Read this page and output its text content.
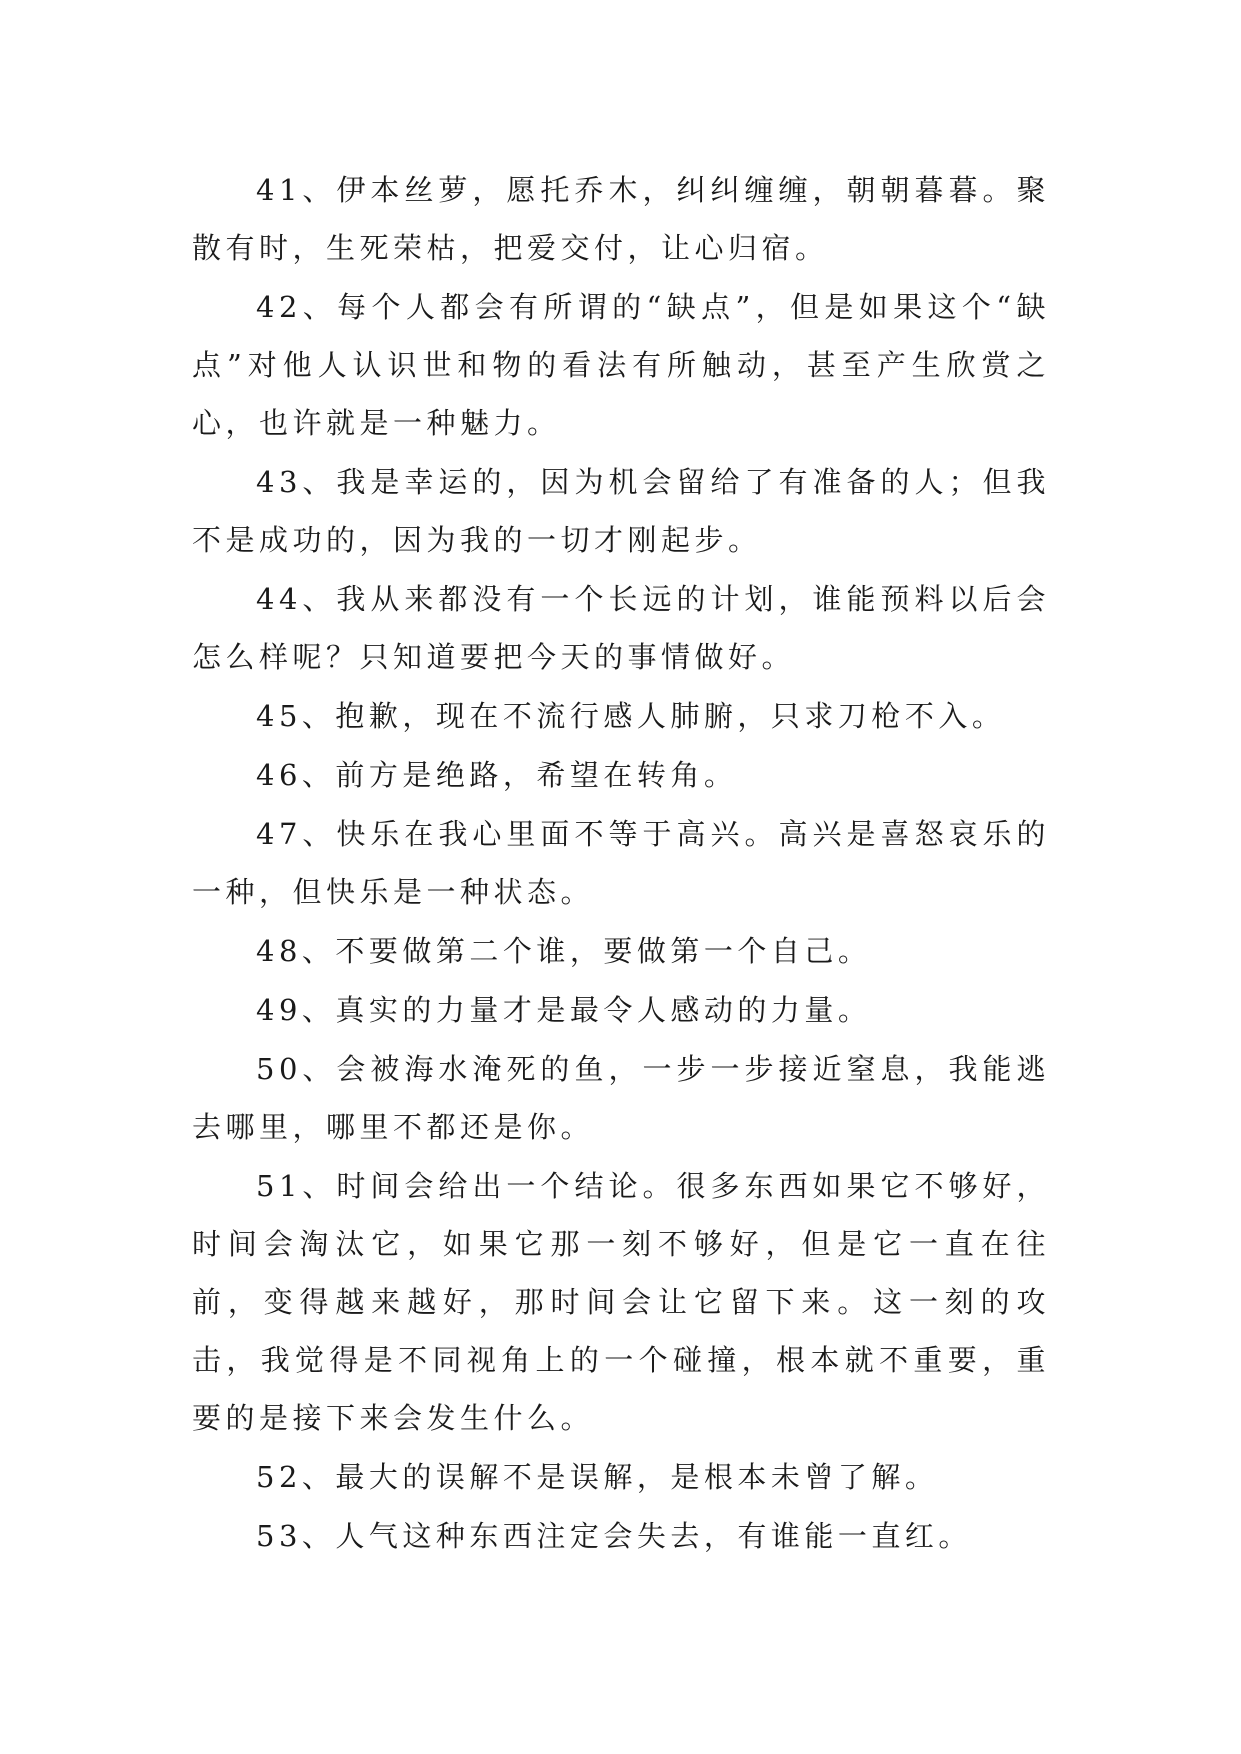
41、伊本丝萝，愿托乔木，纠纠缠缠，朝朝暮暮。聚散有时，生死荣枯，把爱交付，让心归宿。

42、每个人都会有所谓的“缺点”，但是如果这个“缺点”对他人认识世和物的看法有所触动，甚至产生欣赏之心，也许就是一种魅力。

43、我是幸运的，因为机会留给了有准备的人；但我不是成功的，因为我的一切才刚起步。

44、我从来都没有一个长远的计划，谁能预料以后会怎么样呢？只知道要把今天的事情做好。

45、抱歉，现在不流行感人肺腑，只求刀枪不入。

46、前方是绝路，希望在转角。

47、快乐在我心里面不等于高兴。高兴是喜怒哀乐的一种，但快乐是一种状态。

48、不要做第二个谁，要做第一个自己。

49、真实的力量才是最令人感动的力量。

50、会被海水淹死的鱼，一步一步接近窒息，我能逃去哪里，哪里不都还是你。

51、时间会给出一个结论。很多东西如果它不够好，时间会淘汰它，如果它那一刻不够好，但是它一直在往前，变得越来越好，那时间会让它留下来。这一刻的攻击，我觉得是不同视角上的一个碰撞，根本就不重要，重要的是接下来会发生什么。

52、最大的误解不是误解，是根本未曾了解。

53、人气这种东西注定会失去，有谁能一直红。
